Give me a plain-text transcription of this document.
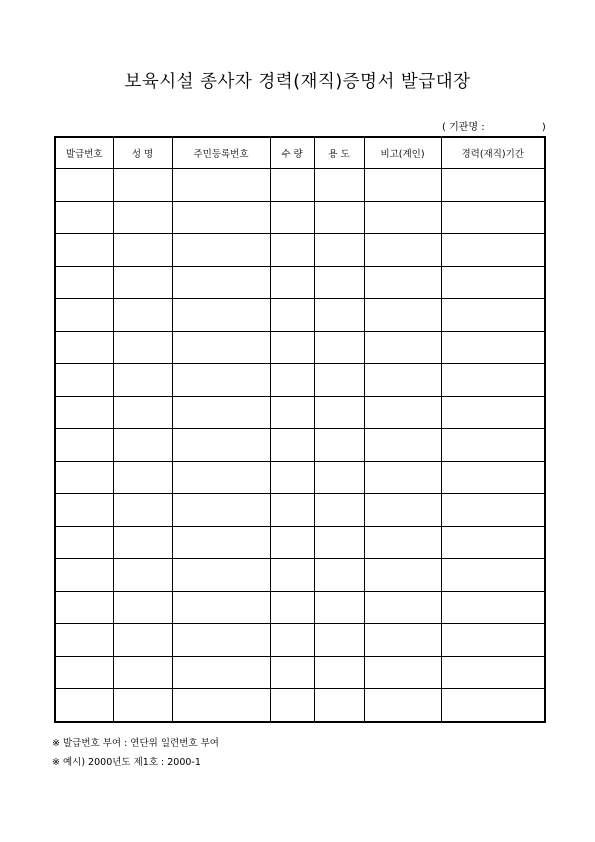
보육시설 종사자 경력(재직)증명서 발급대장
( 기관명 :                  )
발급번호	성 명	주민등록번호	수 량	용 도	비고(계인)	경력(재직)기간

※ 발급번호 부여 : 연단위 일련번호 부여
※ 예시) 2000년도 제1호 : 2000-1
